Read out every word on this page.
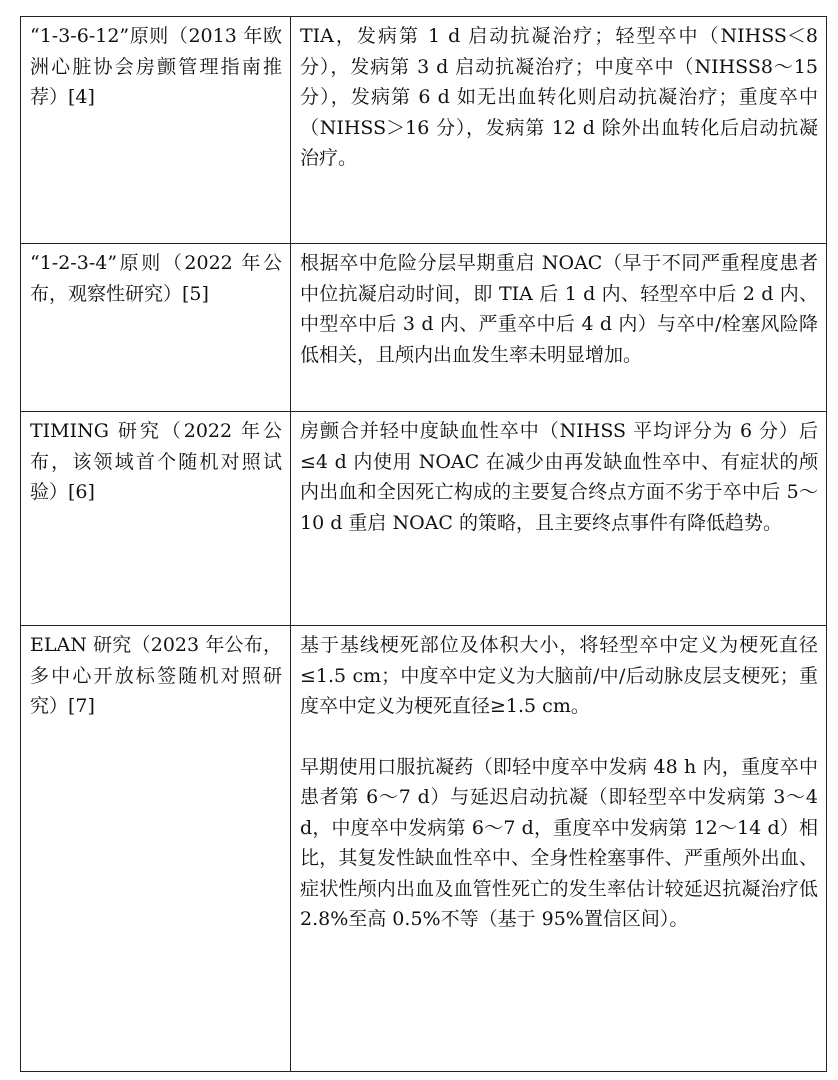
“1-3-6-12”原则（2013 年欧洲心脏协会房颤管理指南推荐）[4]	TIA，发病第 1 d 启动抗凝治疗；轻型卒中（NIHSS＜8 分），发病第 3 d 启动抗凝治疗；中度卒中（NIHSS8～15 分），发病第 6 d 如无出血转化则启动抗凝治疗；重度卒中（NIHSS＞16 分），发病第 12 d 除外出血转化后启动抗凝治疗。

“1-2-3-4”原则（2022 年公布，观察性研究）[5]	根据卒中危险分层早期重启 NOAC（早于不同严重程度患者中位抗凝启动时间，即 TIA 后 1 d 内、轻型卒中后 2 d 内、中型卒中后 3 d 内、严重卒中后 4 d 内）与卒中/栓塞风险降低相关，且颅内出血发生率未明显增加。

TIMING 研究（2022 年公布，该领域首个随机对照试验）[6]	房颤合并轻中度缺血性卒中（NIHSS 平均评分为 6 分）后≤4 d 内使用 NOAC 在减少由再发缺血性卒中、有症状的颅内出血和全因死亡构成的主要复合终点方面不劣于卒中后 5～10 d 重启 NOAC 的策略，且主要终点事件有降低趋势。

ELAN 研究（2023 年公布，多中心开放标签随机对照研究）[7]	基于基线梗死部位及体积大小，将轻型卒中定义为梗死直径≤1.5 cm；中度卒中定义为大脑前/中/后动脉皮层支梗死；重度卒中定义为梗死直径≥1.5 cm。

早期使用口服抗凝药（即轻中度卒中发病 48 h 内，重度卒中患者第 6～7 d）与延迟启动抗凝（即轻型卒中发病第 3～4 d，中度卒中发病第 6～7 d，重度卒中发病第 12～14 d）相比，其复发性缺血性卒中、全身性栓塞事件、严重颅外出血、症状性颅内出血及血管性死亡的发生率估计较延迟抗凝治疗低 2.8%至高 0.5%不等（基于 95%置信区间）。
